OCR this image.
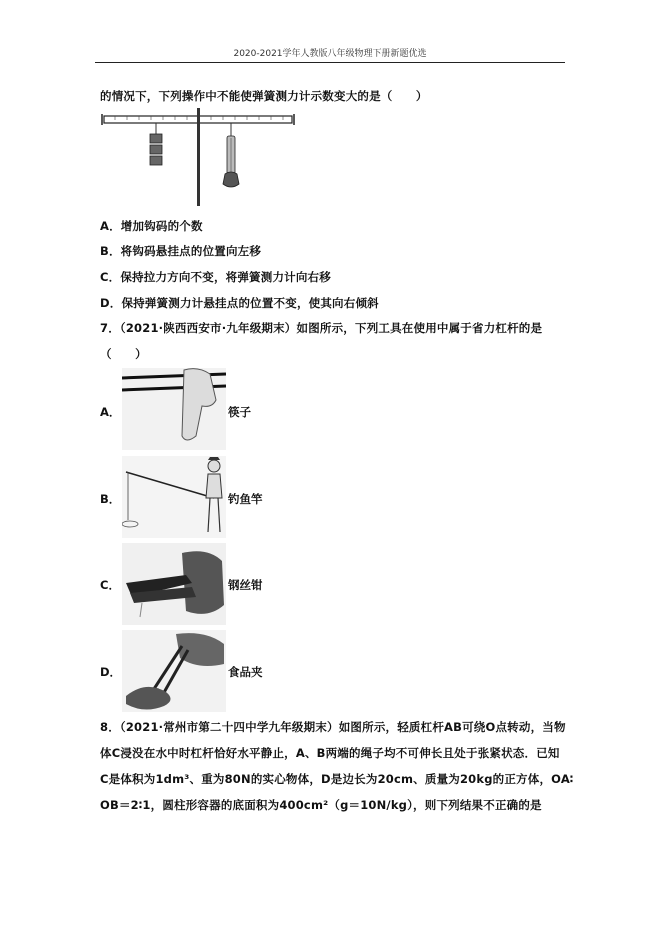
2020-2021学年人教版八年级物理下册新题优选
的情况下，下列操作中不能使弹簧测力计示数变大的是（　　）
A．增加钩码的个数
B．将钩码悬挂点的位置向左移
C．保持拉力方向不变，将弹簧测力计向右移
D．保持弹簧测力计悬挂点的位置不变，使其向右倾斜
7．（2021·陕西西安市·九年级期末）如图所示，下列工具在使用中属于省力杠杆的是
（　　）
A．	筷子
B．	钓鱼竿
C．	钢丝钳
D．	食品夹
8．（2021·常州市第二十四中学九年级期末）如图所示，轻质杠杆AB可绕O点转动，当物
体C浸没在水中时杠杆恰好水平静止，A、B两端的绳子均不可伸长且处于张紧状态．已知
C是体积为1dm³、重为80N的实心物体，D是边长为20cm、质量为20kg的正方体，OA∶
OB＝2∶1，圆柱形容器的底面积为400cm²（g＝10N/kg），则下列结果不正确的是
